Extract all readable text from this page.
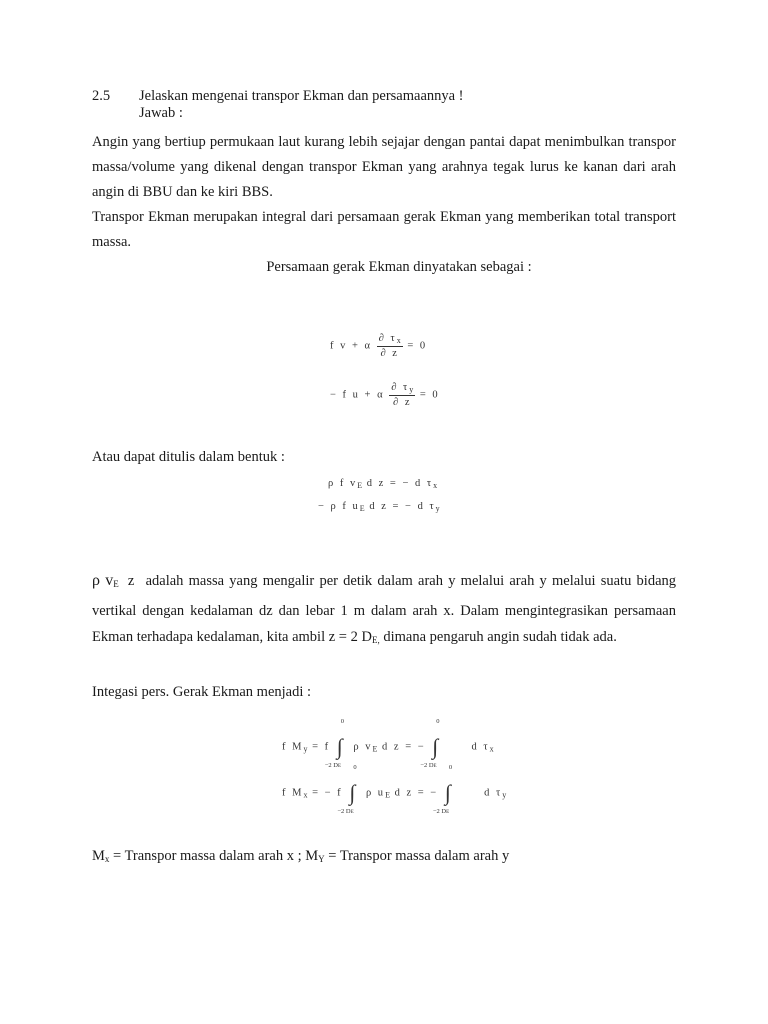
2.5 Jelaskan mengenai transpor Ekman dan persamaannya !
Jawab :
Angin yang bertiup permukaan laut kurang lebih sejajar dengan pantai dapat menimbulkan transpor massa/volume yang dikenal dengan transpor Ekman yang arahnya tegak lurus ke kanan dari arah angin di BBU dan ke kiri BBS.
Transpor Ekman merupakan integral dari persamaan gerak Ekman yang memberikan total transport massa.
Persamaan gerak Ekman dinyatakan sebagai :
f v + α $\frac{\partial \tau_x}{\partial z} = 0$
− f u + α $\frac{\partial \tau_y}{\partial z} = 0$
Atau dapat ditulis dalam bentuk :
ρ f $v_E$ d z = − d $\tau_x$
− ρ f $u_E$ d z = − d $\tau_y$
ρ vE z adalah massa yang mengalir per detik dalam arah y melalui arah y melalui suatu bidang vertikal dengan kedalaman dz dan lebar 1 m dalam arah x. Dalam mengintegrasikan persamaan Ekman terhadapa kedalaman, kita ambil z = 2 DE, dimana pengaruh angin sudah tidak ada.
Integasi pers. Gerak Ekman menjadi :
f $M_y = f$ ∫
0
−2 DE
ρ $v_E$ d z = − ∫
0
−2 DE
d $\tau_x$
f $M_x$ = − f ∫
0
−2 DE
ρ $u_E$ d z = − ∫
0
−2 DE
d $\tau_y$
Mx = Transpor massa dalam arah x ; MY = Transpor massa dalam arah y
